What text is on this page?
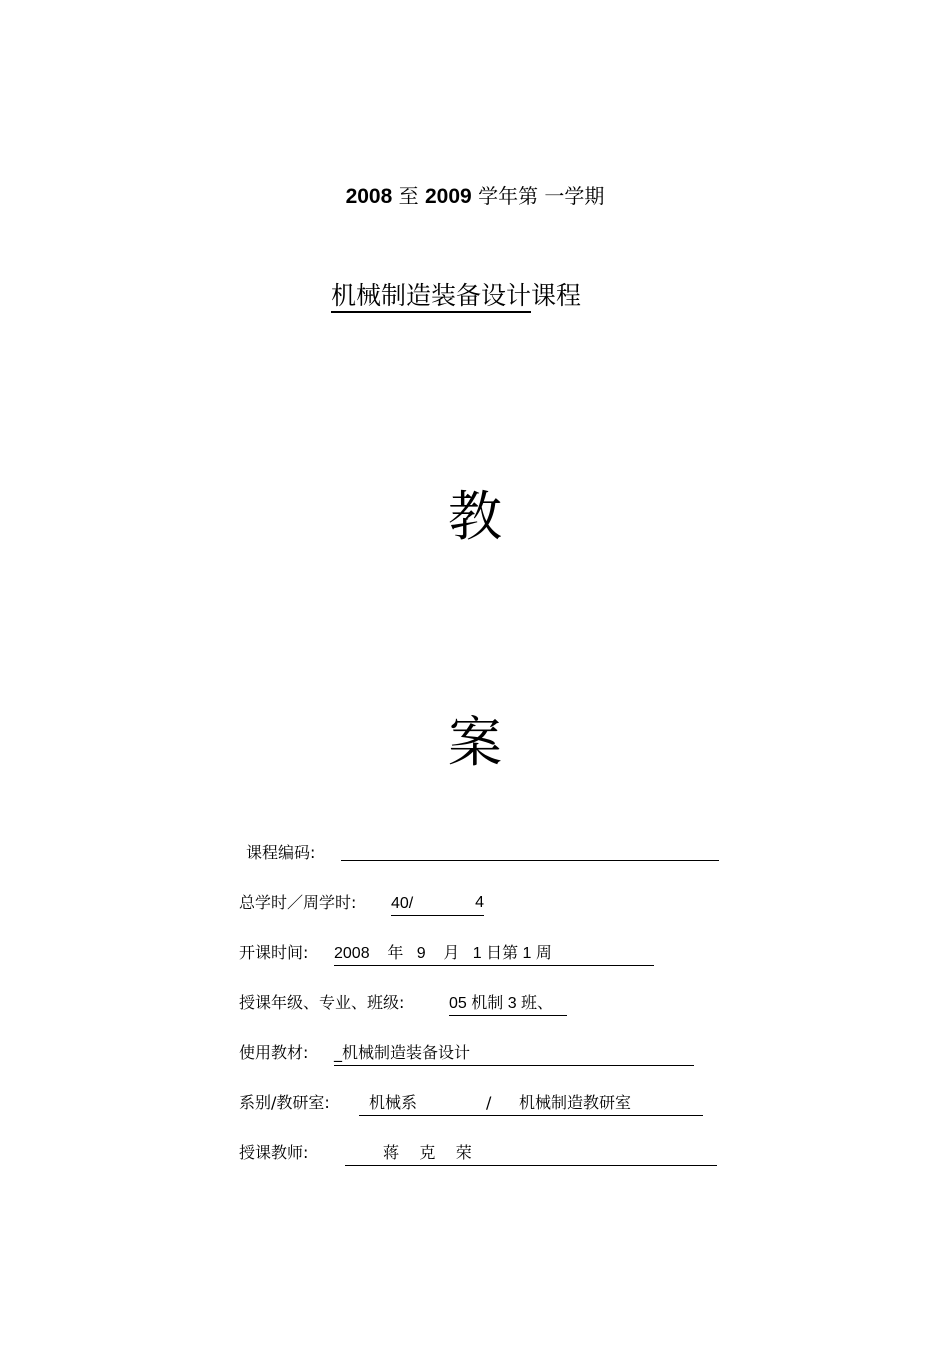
2008 至 2009 学年第 一学期
机械制造装备设计课程
教
案
课程编码:
总学时／周学时: 40/	4
开课时间: 2008    年   9    月   1 日第 1 周
授课年级、专业、班级:	05 机制 3 班、
使用教材: _机械制造装备设计
系别/教研室: 机械系	/ 机械制造教研室
授课教师:	蒋    克    荣
